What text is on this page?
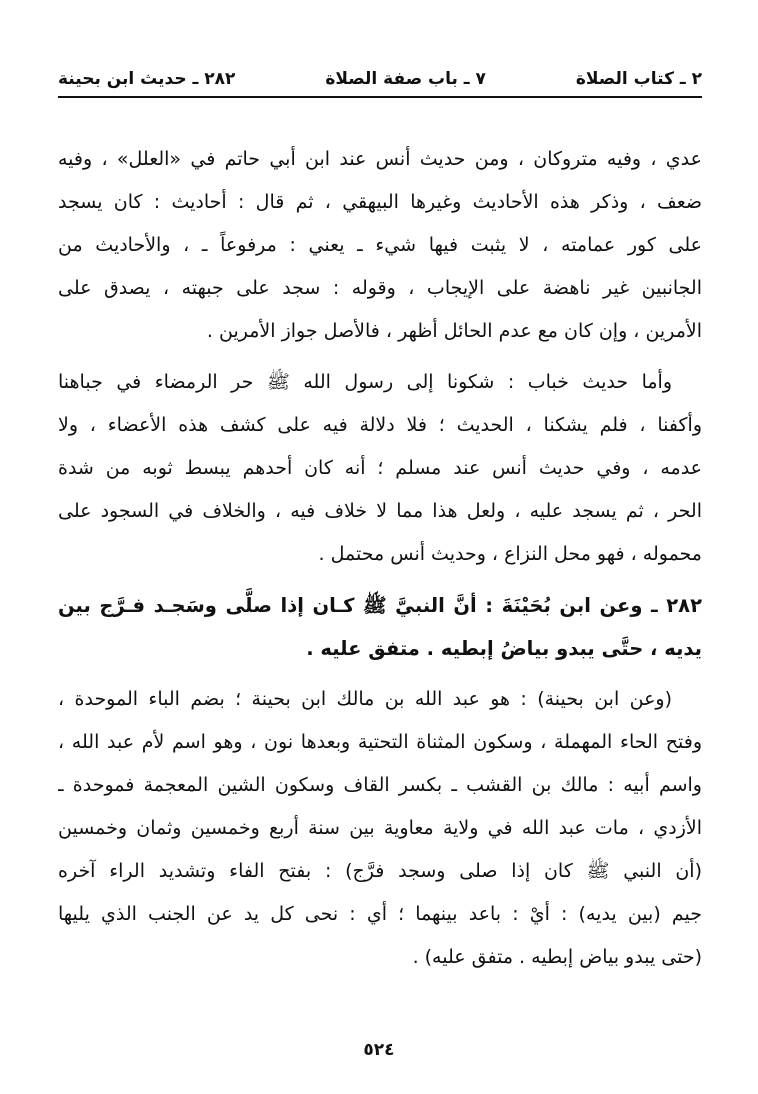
٢ ـ كتاب الصلاة
٧ ـ باب صفة الصلاة
٢٨٢ ـ حديث ابن بحينة
عدي ، وفيه متروكان ، ومن حديث أنس عند ابن أبي حاتم في «العلل» ، وفيه
ضعف ، وذكر هذه الأحاديث وغيرها البيهقي ، ثم قال : أحاديث : كان يسجد
على كور عمامته ، لا يثبت فيها شيء ـ يعني : مرفوعاً ـ ، والأحاديث من
الجانبين غير ناهضة على الإيجاب ، وقوله : سجد على جبهته ، يصدق على
الأمرين ، وإن كان مع عدم الحائل أظهر ، فالأصل جواز الأمرين .
وأما حديث خباب : شكونا إلى رسول الله ﷺ حر الرمضاء في جباهنا
وأكفنا ، فلم يشكنا ، الحديث ؛ فلا دلالة فيه على كشف هذه الأعضاء ، ولا
عدمه ، وفي حديث أنس عند مسلم ؛ أنه كان أحدهم يبسط ثوبه من شدة
الحر ، ثم يسجد عليه ، ولعل هذا مما لا خلاف فيه ، والخلاف في السجود على
محموله ، فهو محل النزاع ، وحديث أنس محتمل .
٢٨٢ ـ وعن ابن بُحَيْنَةَ : أنَّ النبيَّ ﷺ كـان إذا صلَّى وسَجـد فـرَّج بين
يديه ، حتَّى يبدو بياضُ إبطيه . متفق عليه .
(وعن ابن بحينة) : هو عبد الله بن مالك ابن بحينة ؛ بضم الباء الموحدة ،
وفتح الحاء المهملة ، وسكون المثناة التحتية وبعدها نون ، وهو اسم لأم عبد الله ،
واسم أبيه : مالك بن القشب ـ بكسر القاف وسكون الشين المعجمة فموحدة ـ
الأزدي ، مات عبد الله في ولاية معاوية بين سنة أربع وخمسين وثمان وخمسين
(أن النبي ﷺ كان إذا صلى وسجد فرَّج) : بفتح الفاء وتشديد الراء آخره
جيم (بين يديه) : أيْ : باعد بينهما ؛ أي : نحى كل يد عن الجنب الذي يليها
(حتى يبدو بياض إبطيه . متفق عليه) .
٥٢٤
